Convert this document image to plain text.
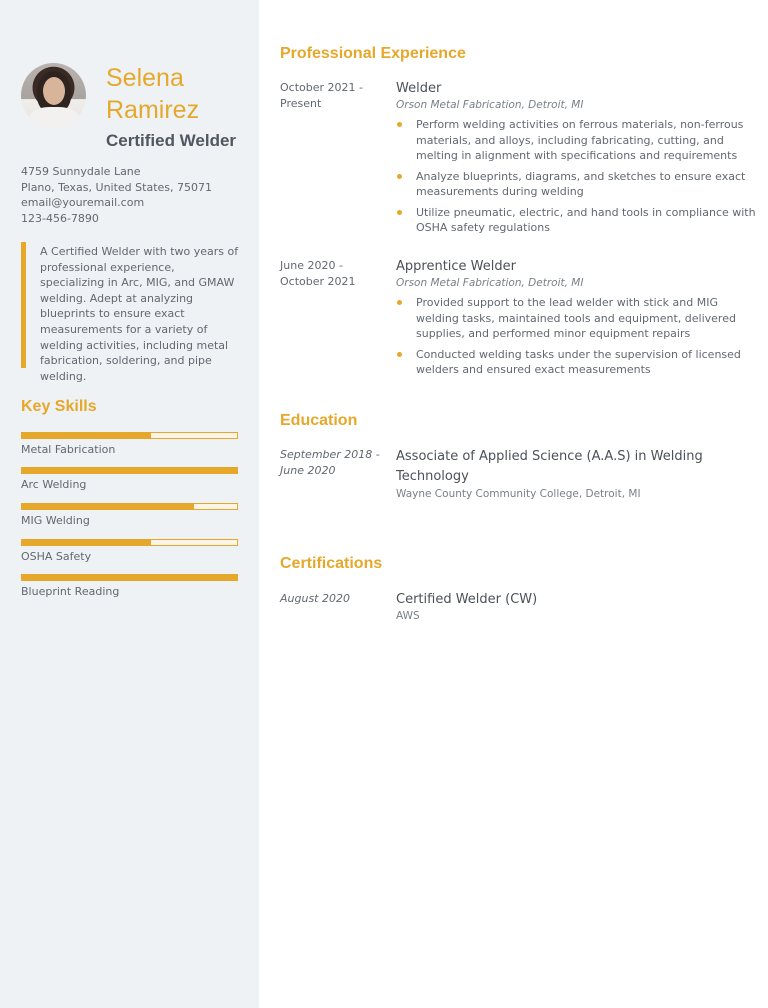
Selena
Ramirez
Certified Welder
4759 Sunnydale Lane
Plano, Texas, United States, 75071
email@youremail.com
123-456-7890
A Certified Welder with two years of professional experience, specializing in Arc, MIG, and GMAW welding. Adept at analyzing blueprints to ensure exact measurements for a variety of welding activities, including metal fabrication, soldering, and pipe welding.
Key Skills
Metal Fabrication
Arc Welding
MIG Welding
OSHA Safety
Blueprint Reading
Professional Experience
October 2021 -
Present
Welder
Orson Metal Fabrication, Detroit, MI
Perform welding activities on ferrous materials, non-ferrous materials, and alloys, including fabricating, cutting, and melting in alignment with specifications and requirements
Analyze blueprints, diagrams, and sketches to ensure exact measurements during welding
Utilize pneumatic, electric, and hand tools in compliance with OSHA safety regulations
June 2020 -
October 2021
Apprentice Welder
Orson Metal Fabrication, Detroit, MI
Provided support to the lead welder with stick and MIG welding tasks, maintained tools and equipment, delivered supplies, and performed minor equipment repairs
Conducted welding tasks under the supervision of licensed welders and ensured exact measurements
Education
September 2018 -
June 2020
Associate of Applied Science (A.A.S) in Welding Technology
Wayne County Community College, Detroit, MI
Certifications
August 2020	Certified Welder (CW)
AWS
